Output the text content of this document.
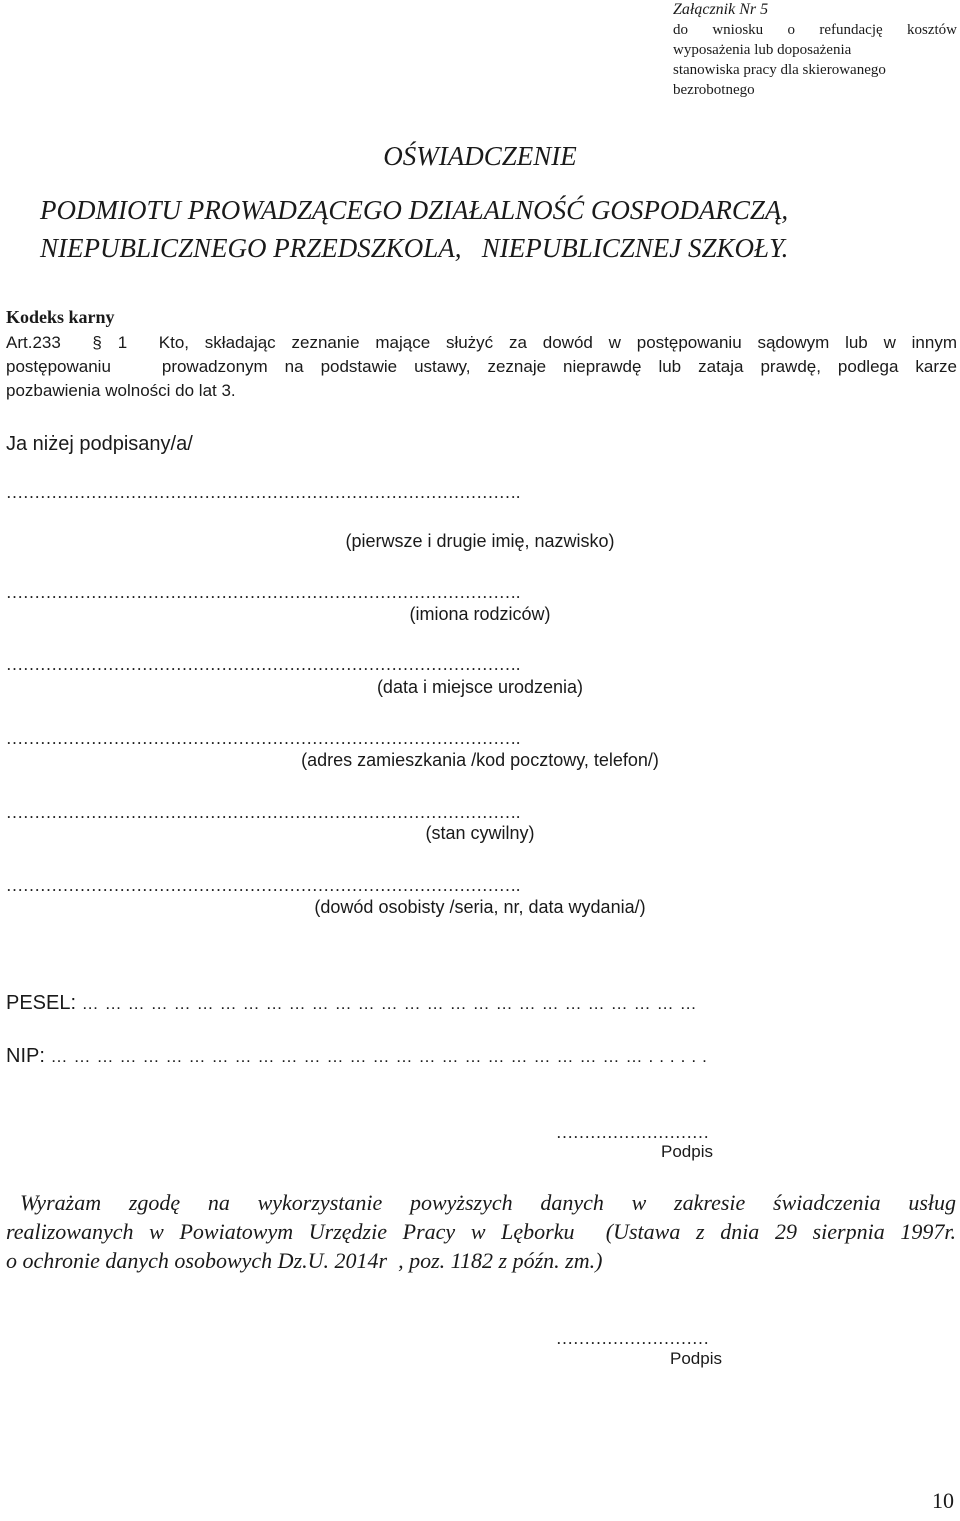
Załącznik Nr 5
do wniosku o refundację kosztów
wyposażenia lub doposażenia
stanowiska pracy dla skierowanego
bezrobotnego
OŚWIADCZENIE
PODMIOTU PROWADZĄCEGO DZIAŁALNOŚĆ GOSPODARCZĄ,
NIEPUBLICZNEGO PRZEDSZKOLA,   NIEPUBLICZNEJ SZKOŁY.
Kodeks karny
Art.233  § 1  Kto, składając zeznanie mające służyć za dowód w postępowaniu sądowym lub w innym
postępowaniu   prowadzonym na podstawie ustawy, zeznaje nieprawdę lub zataja prawdę, podlega karze
pozbawienia wolności do lat 3.
Ja niżej podpisany/a/
……………………………………………………………………………….
(pierwsze i drugie imię, nazwisko)
……………………………………………………………………………….
(imiona rodziców)
……………………………………………………………………………….
(data i miejsce urodzenia)
……………………………………………………………………………….
(adres zamieszkania /kod pocztowy, telefon/)
……………………………………………………………………………….
(stan cywilny)
……………………………………………………………………………….
(dowód osobisty /seria, nr, data wydania/)
PESEL: ………………………………………………………………………
NIP: ……………………………………………………………………......
………………………
Podpis
Wyrażam zgodę na wykorzystanie powyższych danych w zakresie świadczenia usług
realizowanych w Powiatowym Urzędzie Pracy w Lęborku  (Ustawa z dnia 29 sierpnia 1997r.
o ochronie danych osobowych Dz.U. 2014r  , poz. 1182 z późn. zm.)
………………………
Podpis
10
